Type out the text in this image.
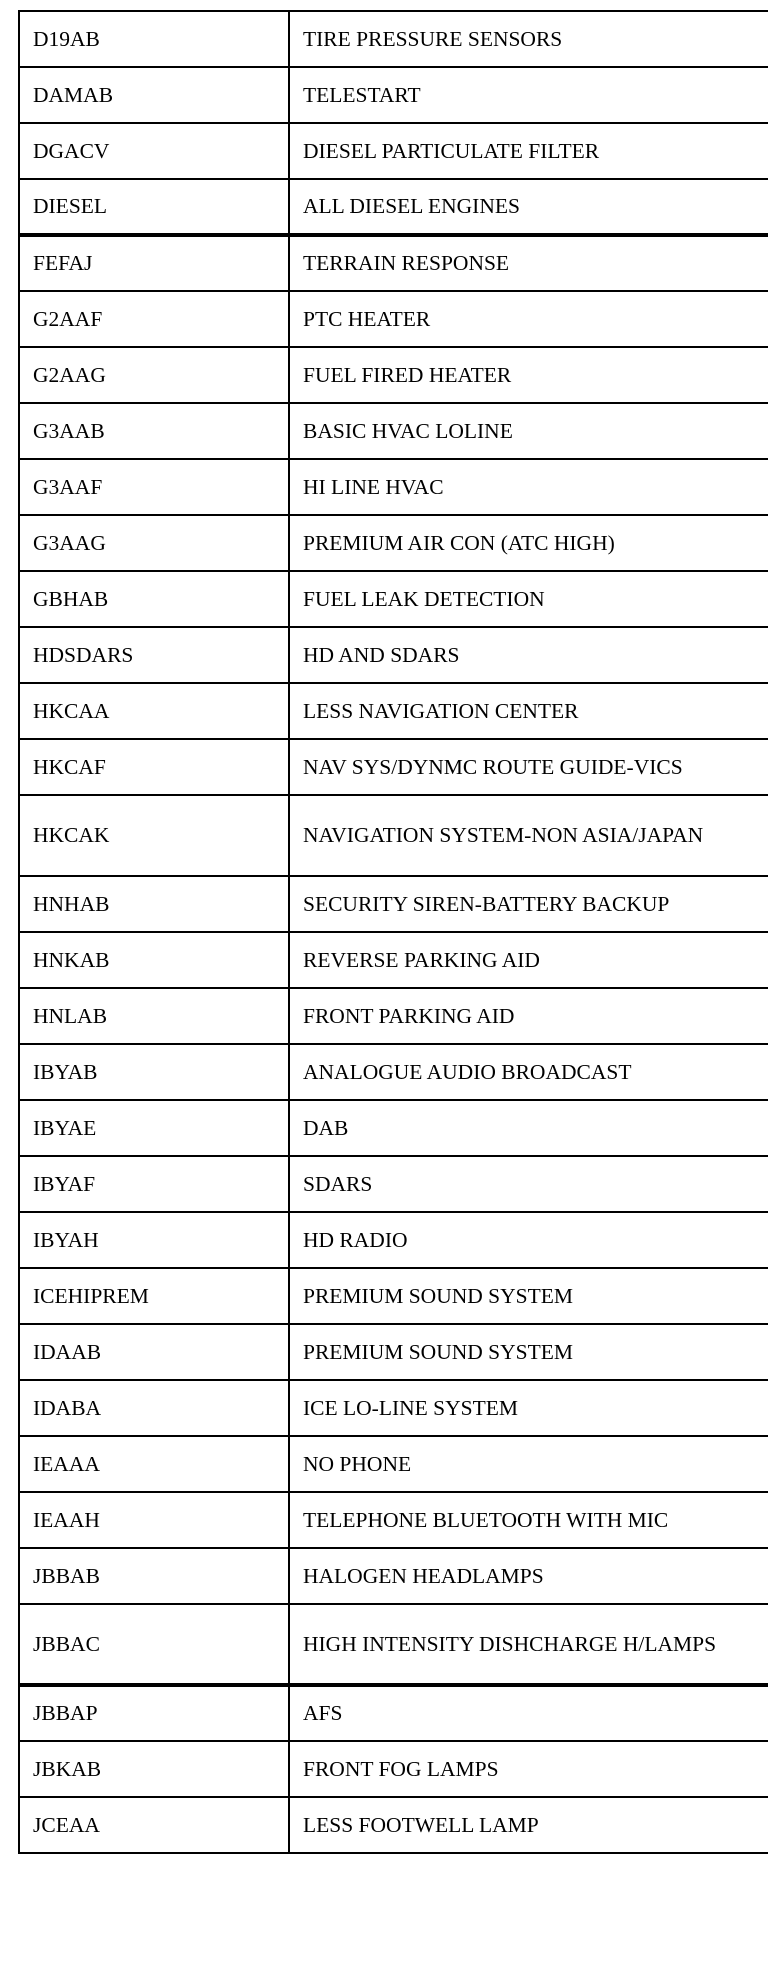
D19AB	TIRE PRESSURE SENSORS
DAMAB	TELESTART
DGACV	DIESEL PARTICULATE FILTER
DIESEL	ALL DIESEL ENGINES
FEFAJ	TERRAIN RESPONSE
G2AAF	PTC HEATER
G2AAG	FUEL FIRED HEATER
G3AAB	BASIC HVAC LOLINE
G3AAF	HI LINE HVAC
G3AAG	PREMIUM AIR CON (ATC HIGH)
GBHAB	FUEL LEAK DETECTION
HDSDARS	HD AND SDARS
HKCAA	LESS NAVIGATION CENTER
HKCAF	NAV SYS/DYNMC ROUTE GUIDE-VICS
HKCAK	NAVIGATION SYSTEM-NON ASIA/JAPAN
HNHAB	SECURITY SIREN-BATTERY BACKUP
HNKAB	REVERSE PARKING AID
HNLAB	FRONT PARKING AID
IBYAB	ANALOGUE AUDIO BROADCAST
IBYAE	DAB
IBYAF	SDARS
IBYAH	HD RADIO
ICEHIPREM	PREMIUM SOUND SYSTEM
IDAAB	PREMIUM SOUND SYSTEM
IDABA	ICE LO-LINE SYSTEM
IEAAA	NO PHONE
IEAAH	TELEPHONE BLUETOOTH WITH MIC
JBBAB	HALOGEN HEADLAMPS
JBBAC	HIGH INTENSITY DISHCHARGE H/LAMPS
JBBAP	AFS
JBKAB	FRONT FOG LAMPS
JCEAA	LESS FOOTWELL LAMP
